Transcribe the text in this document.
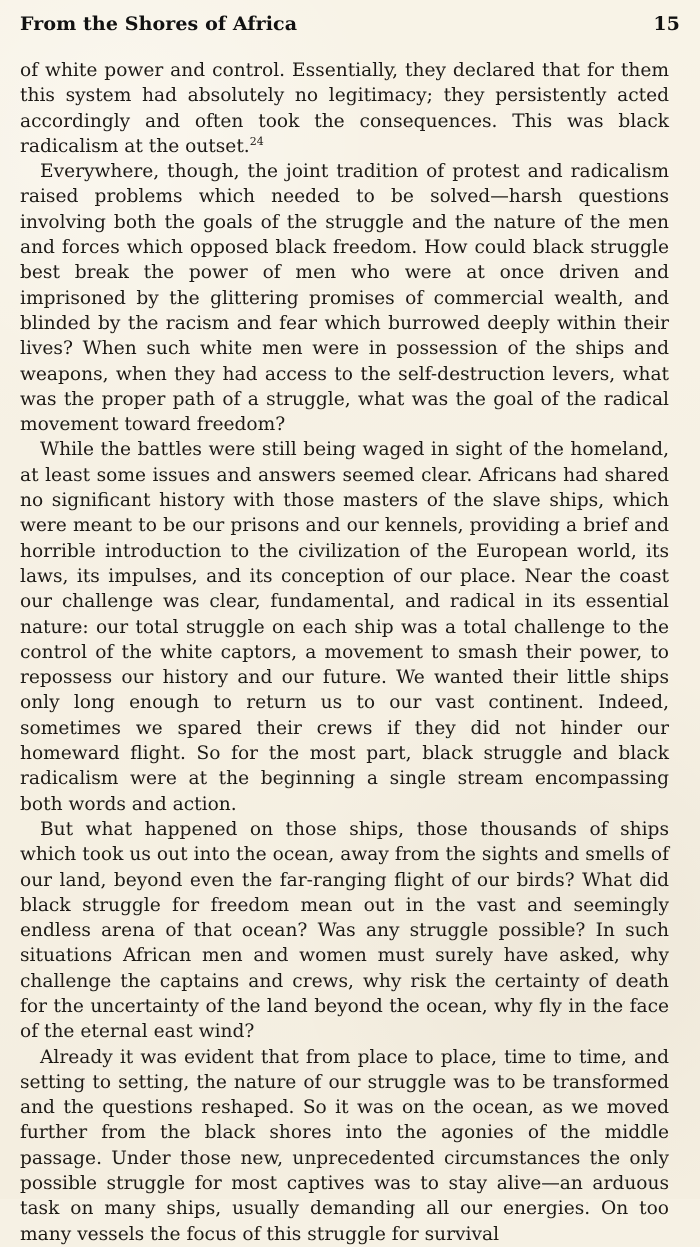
From the Shores of Africa	15

of white power and control. Essentially, they declared that for them this system had absolutely no legitimacy; they persistently acted accordingly and often took the consequences. This was black radicalism at the outset.$^{24}$

Everywhere, though, the joint tradition of protest and radicalism raised problems which needed to be solved—harsh questions involving both the goals of the struggle and the nature of the men and forces which opposed black freedom. How could black struggle best break the power of men who were at once driven and imprisoned by the glittering promises of commercial wealth, and blinded by the racism and fear which burrowed deeply within their lives? When such white men were in possession of the ships and weapons, when they had access to the self-destruction levers, what was the proper path of a struggle, what was the goal of the radical movement toward freedom?

While the battles were still being waged in sight of the homeland, at least some issues and answers seemed clear. Africans had shared no significant history with those masters of the slave ships, which were meant to be our prisons and our kennels, providing a brief and horrible introduction to the civilization of the European world, its laws, its impulses, and its conception of our place. Near the coast our challenge was clear, fundamental, and radical in its essential nature: our total struggle on each ship was a total challenge to the control of the white captors, a movement to smash their power, to repossess our history and our future. We wanted their little ships only long enough to return us to our vast continent. Indeed, sometimes we spared their crews if they did not hinder our homeward flight. So for the most part, black struggle and black radicalism were at the beginning a single stream encompassing both words and action.

But what happened on those ships, those thousands of ships which took us out into the ocean, away from the sights and smells of our land, beyond even the far-ranging flight of our birds? What did black struggle for freedom mean out in the vast and seemingly endless arena of that ocean? Was any struggle possible? In such situations African men and women must surely have asked, why challenge the captains and crews, why risk the certainty of death for the uncertainty of the land beyond the ocean, why fly in the face of the eternal east wind?

Already it was evident that from place to place, time to time, and setting to setting, the nature of our struggle was to be transformed and the questions reshaped. So it was on the ocean, as we moved further from the black shores into the agonies of the middle passage. Under those new, unprecedented circumstances the only possible struggle for most captives was to stay alive—an arduous task on many ships, usually demanding all our energies. On too many vessels the focus of this struggle for survival
